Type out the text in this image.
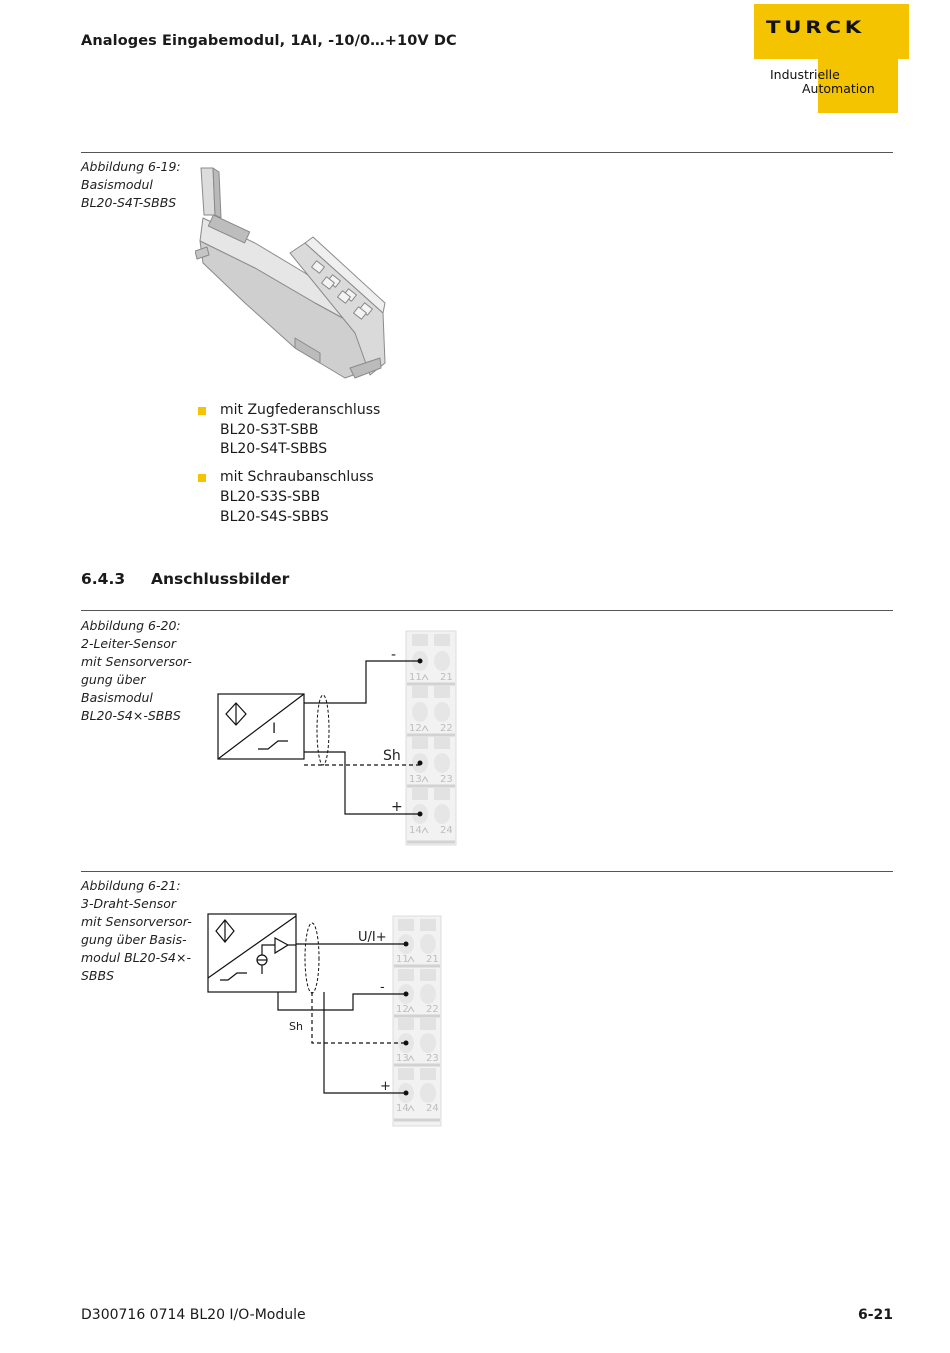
Analoges Eingabemodul, 1AI, -10/0…+10V DC
TURCK
Industrielle
Automation
Abbildung 6-19:
Basismodul
BL20-S4T-SBBS
mit Zugfederanschluss
BL20-S3T-SBB
BL20-S4T-SBBS
mit Schraubanschluss
BL20-S3S-SBB
BL20-S4S-SBBS
6.4.3 Anschlussbilder
Abbildung 6-20:
2-Leiter-Sensor
mit Sensorversor-
gung über
Basismodul
BL20-S4×-SBBS
11 21
12 22
13 23
14 24
I
-
Sh
+
Abbildung 6-21:
3-Draht-Sensor
mit Sensorversor-
gung über Basis-
modul BL20-S4×-
SBBS
11 21
12 22
13 23
14 24
U/I+
-
Sh
+
D300716 0714 BL20 I/O-Module	6-21
